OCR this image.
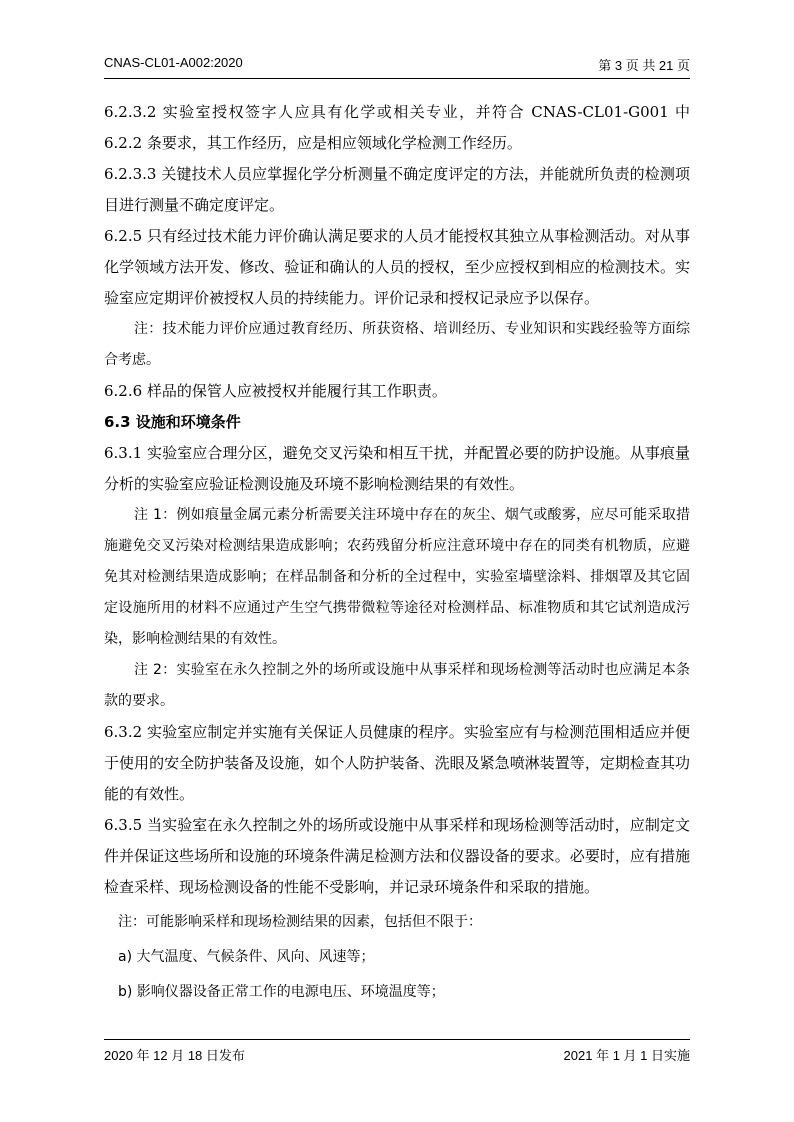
CNAS-CL01-A002:2020	第 3 页 共 21 页

6.2.3.2 实验室授权签字人应具有化学或相关专业，并符合 CNAS-CL01-G001 中 6.2.2 条要求，其工作经历，应是相应领域化学检测工作经历。

6.2.3.3 关键技术人员应掌握化学分析测量不确定度评定的方法，并能就所负责的检测项目进行测量不确定度评定。

6.2.5 只有经过技术能力评价确认满足要求的人员才能授权其独立从事检测活动。对从事化学领域方法开发、修改、验证和确认的人员的授权，至少应授权到相应的检测技术。实验室应定期评价被授权人员的持续能力。评价记录和授权记录应予以保存。

注：技术能力评价应通过教育经历、所获资格、培训经历、专业知识和实践经验等方面综合考虑。

6.2.6 样品的保管人应被授权并能履行其工作职责。

6.3 设施和环境条件

6.3.1 实验室应合理分区，避免交叉污染和相互干扰，并配置必要的防护设施。从事痕量分析的实验室应验证检测设施及环境不影响检测结果的有效性。

注 1：例如痕量金属元素分析需要关注环境中存在的灰尘、烟气或酸雾，应尽可能采取措施避免交叉污染对检测结果造成影响；农药残留分析应注意环境中存在的同类有机物质，应避免其对检测结果造成影响；在样品制备和分析的全过程中，实验室墙壁涂料、排烟罩及其它固定设施所用的材料不应通过产生空气携带微粒等途径对检测样品、标准物质和其它试剂造成污染，影响检测结果的有效性。

注 2：实验室在永久控制之外的场所或设施中从事采样和现场检测等活动时也应满足本条款的要求。

6.3.2 实验室应制定并实施有关保证人员健康的程序。实验室应有与检测范围相适应并便于使用的安全防护装备及设施，如个人防护装备、洗眼及紧急喷淋装置等，定期检查其功能的有效性。

6.3.5 当实验室在永久控制之外的场所或设施中从事采样和现场检测等活动时，应制定文件并保证这些场所和设施的环境条件满足检测方法和仪器设备的要求。必要时，应有措施检查采样、现场检测设备的性能不受影响，并记录环境条件和采取的措施。

注：可能影响采样和现场检测结果的因素，包括但不限于：

a) 大气温度、气候条件、风向、风速等；

b) 影响仪器设备正常工作的电源电压、环境温度等；

2020 年 12 月 18 日发布	2021 年 1 月 1 日实施
